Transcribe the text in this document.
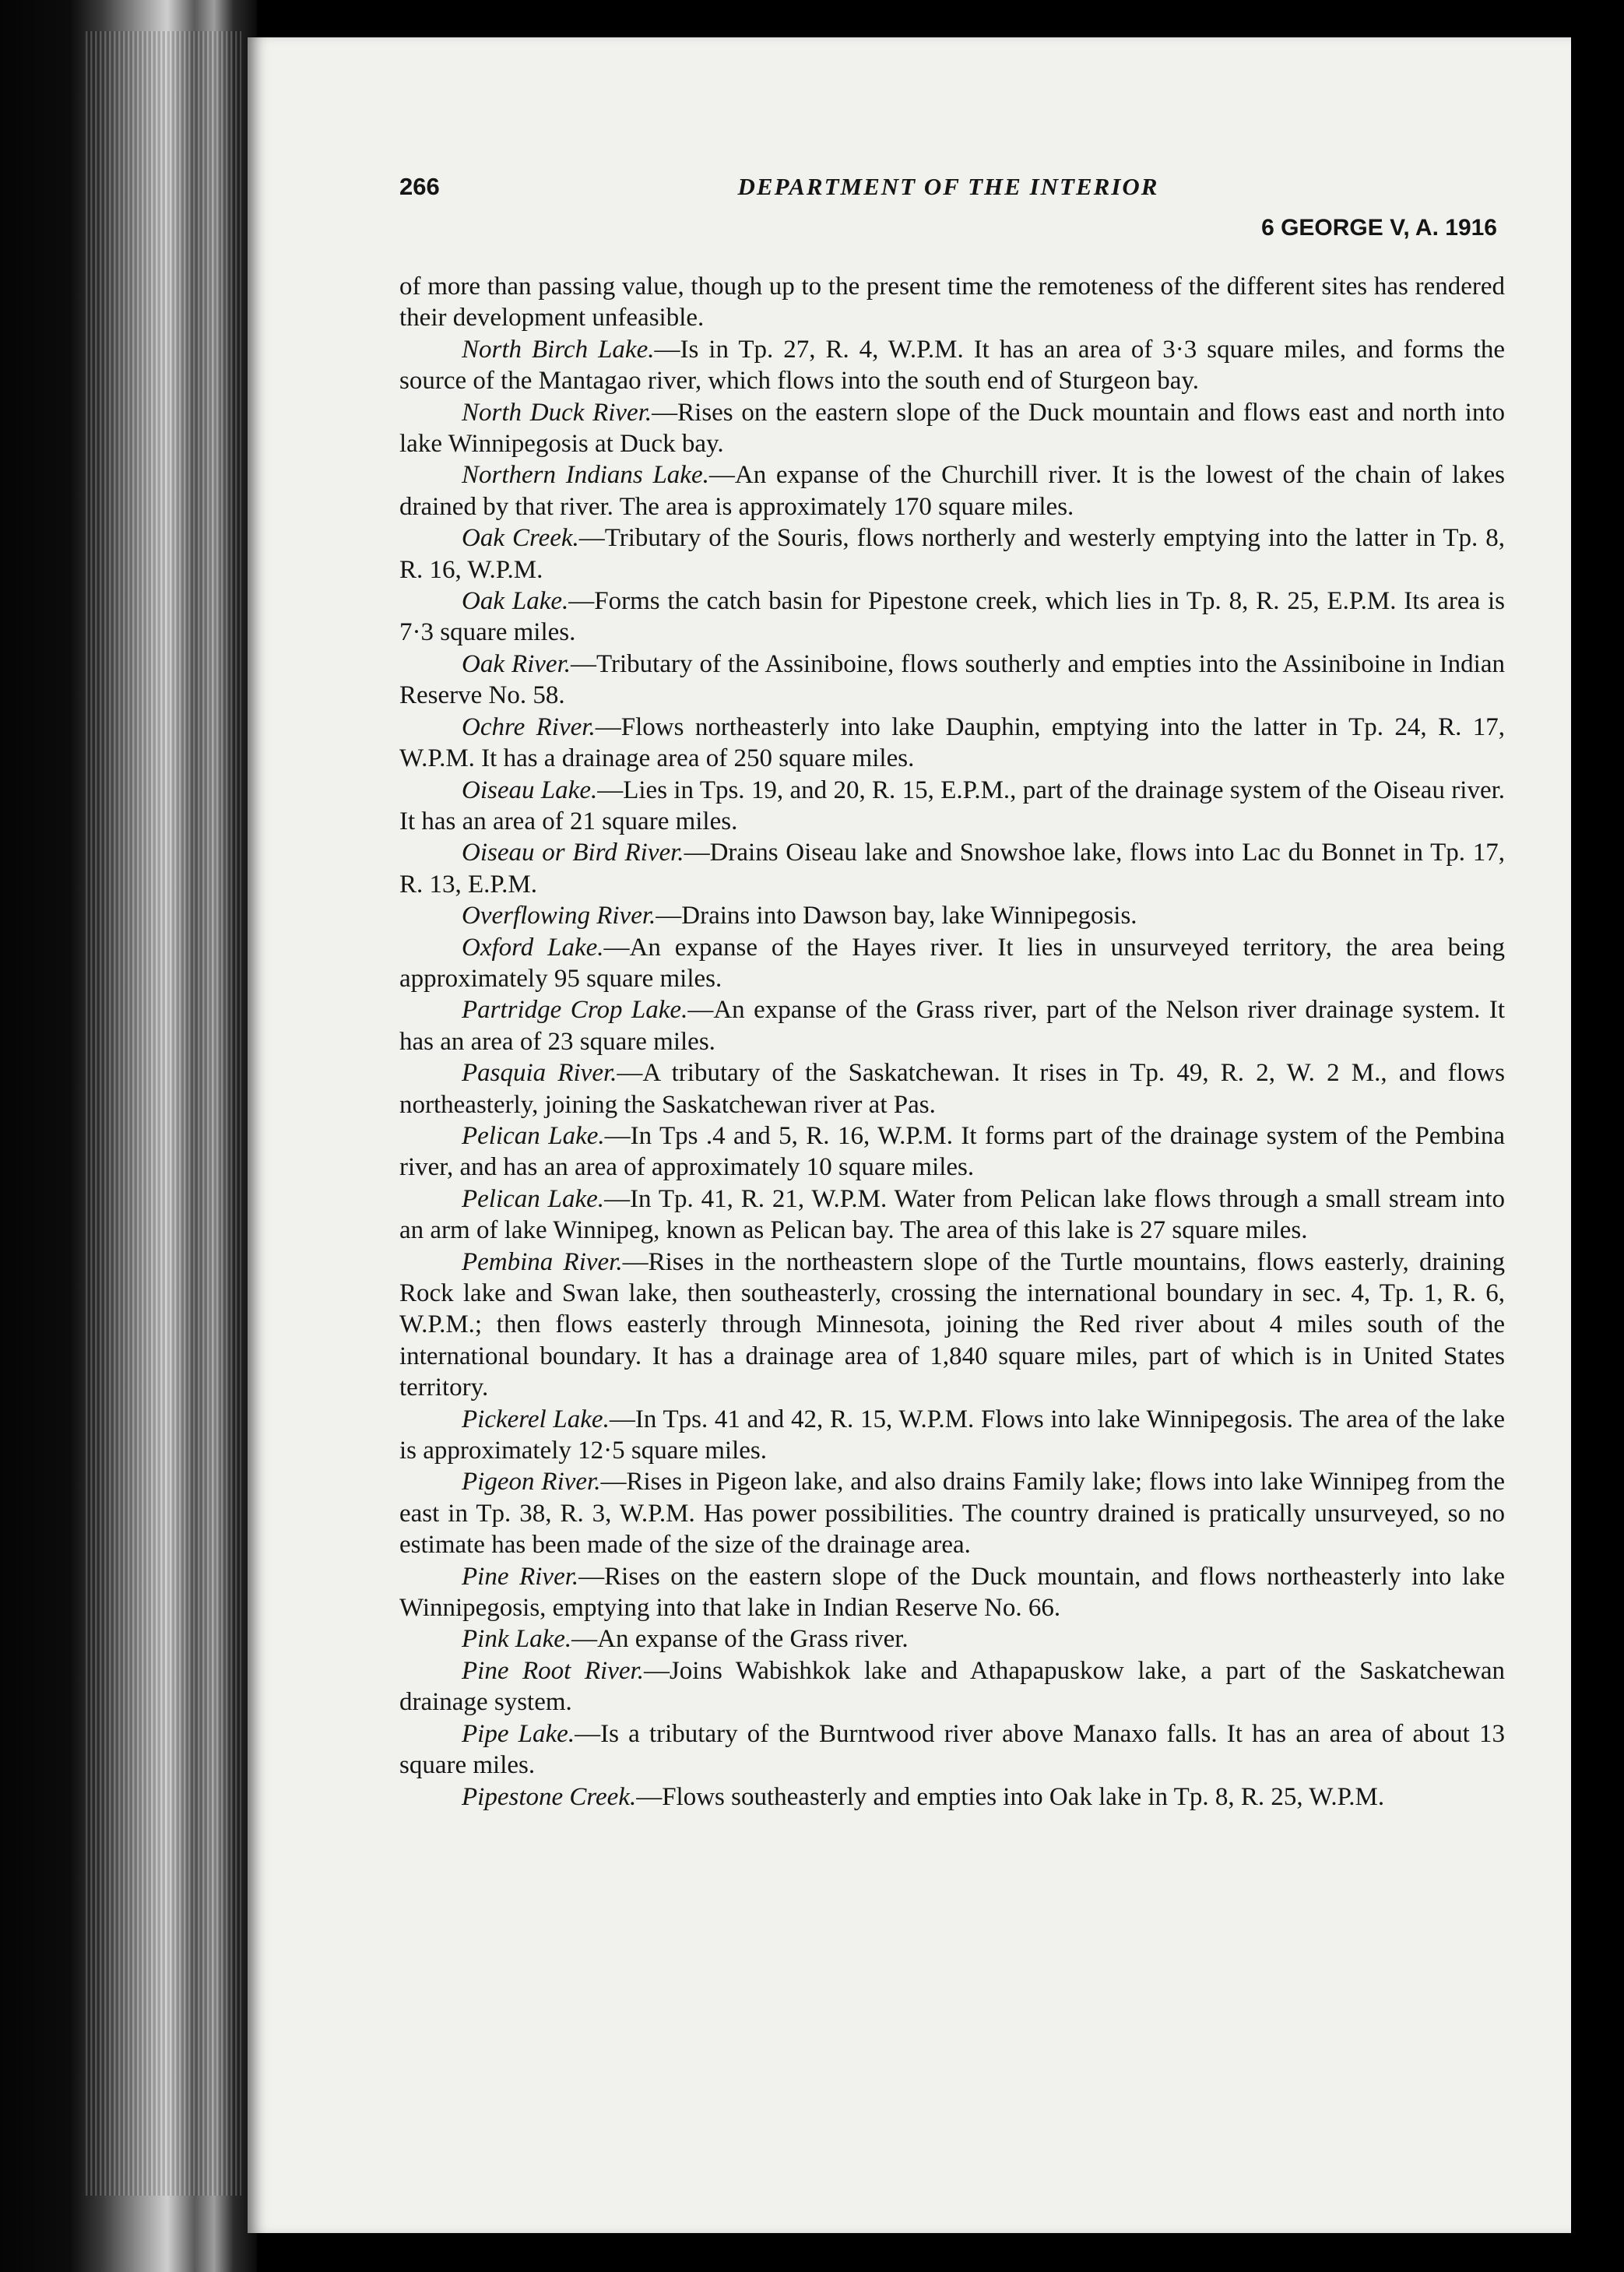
266	DEPARTMENT OF THE INTERIOR
6 GEORGE V, A. 1916

of more than passing value, though up to the present time the remoteness of the different sites has rendered their development unfeasible.

North Birch Lake.—Is in Tp. 27, R. 4, W.P.M. It has an area of 3·3 square miles, and forms the source of the Mantagao river, which flows into the south end of Sturgeon bay.

North Duck River.—Rises on the eastern slope of the Duck mountain and flows east and north into lake Winnipegosis at Duck bay.

Northern Indians Lake.—An expanse of the Churchill river. It is the lowest of the chain of lakes drained by that river. The area is approximately 170 square miles.

Oak Creek.—Tributary of the Souris, flows northerly and westerly emptying into the latter in Tp. 8, R. 16, W.P.M.

Oak Lake.—Forms the catch basin for Pipestone creek, which lies in Tp. 8, R. 25, E.P.M. Its area is 7·3 square miles.

Oak River.—Tributary of the Assiniboine, flows southerly and empties into the Assiniboine in Indian Reserve No. 58.

Ochre River.—Flows northeasterly into lake Dauphin, emptying into the latter in Tp. 24, R. 17, W.P.M. It has a drainage area of 250 square miles.

Oiseau Lake.—Lies in Tps. 19, and 20, R. 15, E.P.M., part of the drainage system of the Oiseau river. It has an area of 21 square miles.

Oiseau or Bird River.—Drains Oiseau lake and Snowshoe lake, flows into Lac du Bonnet in Tp. 17, R. 13, E.P.M.

Overflowing River.—Drains into Dawson bay, lake Winnipegosis.

Oxford Lake.—An expanse of the Hayes river. It lies in unsurveyed territory, the area being approximately 95 square miles.

Partridge Crop Lake.—An expanse of the Grass river, part of the Nelson river drainage system. It has an area of 23 square miles.

Pasquia River.—A tributary of the Saskatchewan. It rises in Tp. 49, R. 2, W. 2 M., and flows northeasterly, joining the Saskatchewan river at Pas.

Pelican Lake.—In Tps .4 and 5, R. 16, W.P.M. It forms part of the drainage system of the Pembina river, and has an area of approximately 10 square miles.

Pelican Lake.—In Tp. 41, R. 21, W.P.M. Water from Pelican lake flows through a small stream into an arm of lake Winnipeg, known as Pelican bay. The area of this lake is 27 square miles.

Pembina River.—Rises in the northeastern slope of the Turtle mountains, flows easterly, draining Rock lake and Swan lake, then southeasterly, crossing the international boundary in sec. 4, Tp. 1, R. 6, W.P.M.; then flows easterly through Minnesota, joining the Red river about 4 miles south of the international boundary. It has a drainage area of 1,840 square miles, part of which is in United States territory.

Pickerel Lake.—In Tps. 41 and 42, R. 15, W.P.M. Flows into lake Winnipegosis. The area of the lake is approximately 12·5 square miles.

Pigeon River.—Rises in Pigeon lake, and also drains Family lake; flows into lake Winnipeg from the east in Tp. 38, R. 3, W.P.M. Has power possibilities. The country drained is pratically unsurveyed, so no estimate has been made of the size of the drainage area.

Pine River.—Rises on the eastern slope of the Duck mountain, and flows northeasterly into lake Winnipegosis, emptying into that lake in Indian Reserve No. 66.

Pink Lake.—An expanse of the Grass river.

Pine Root River.—Joins Wabishkok lake and Athapapuskow lake, a part of the Saskatchewan drainage system.

Pipe Lake.—Is a tributary of the Burntwood river above Manaxo falls. It has an area of about 13 square miles.

Pipestone Creek.—Flows southeasterly and empties into Oak lake in Tp. 8, R. 25, W.P.M.
